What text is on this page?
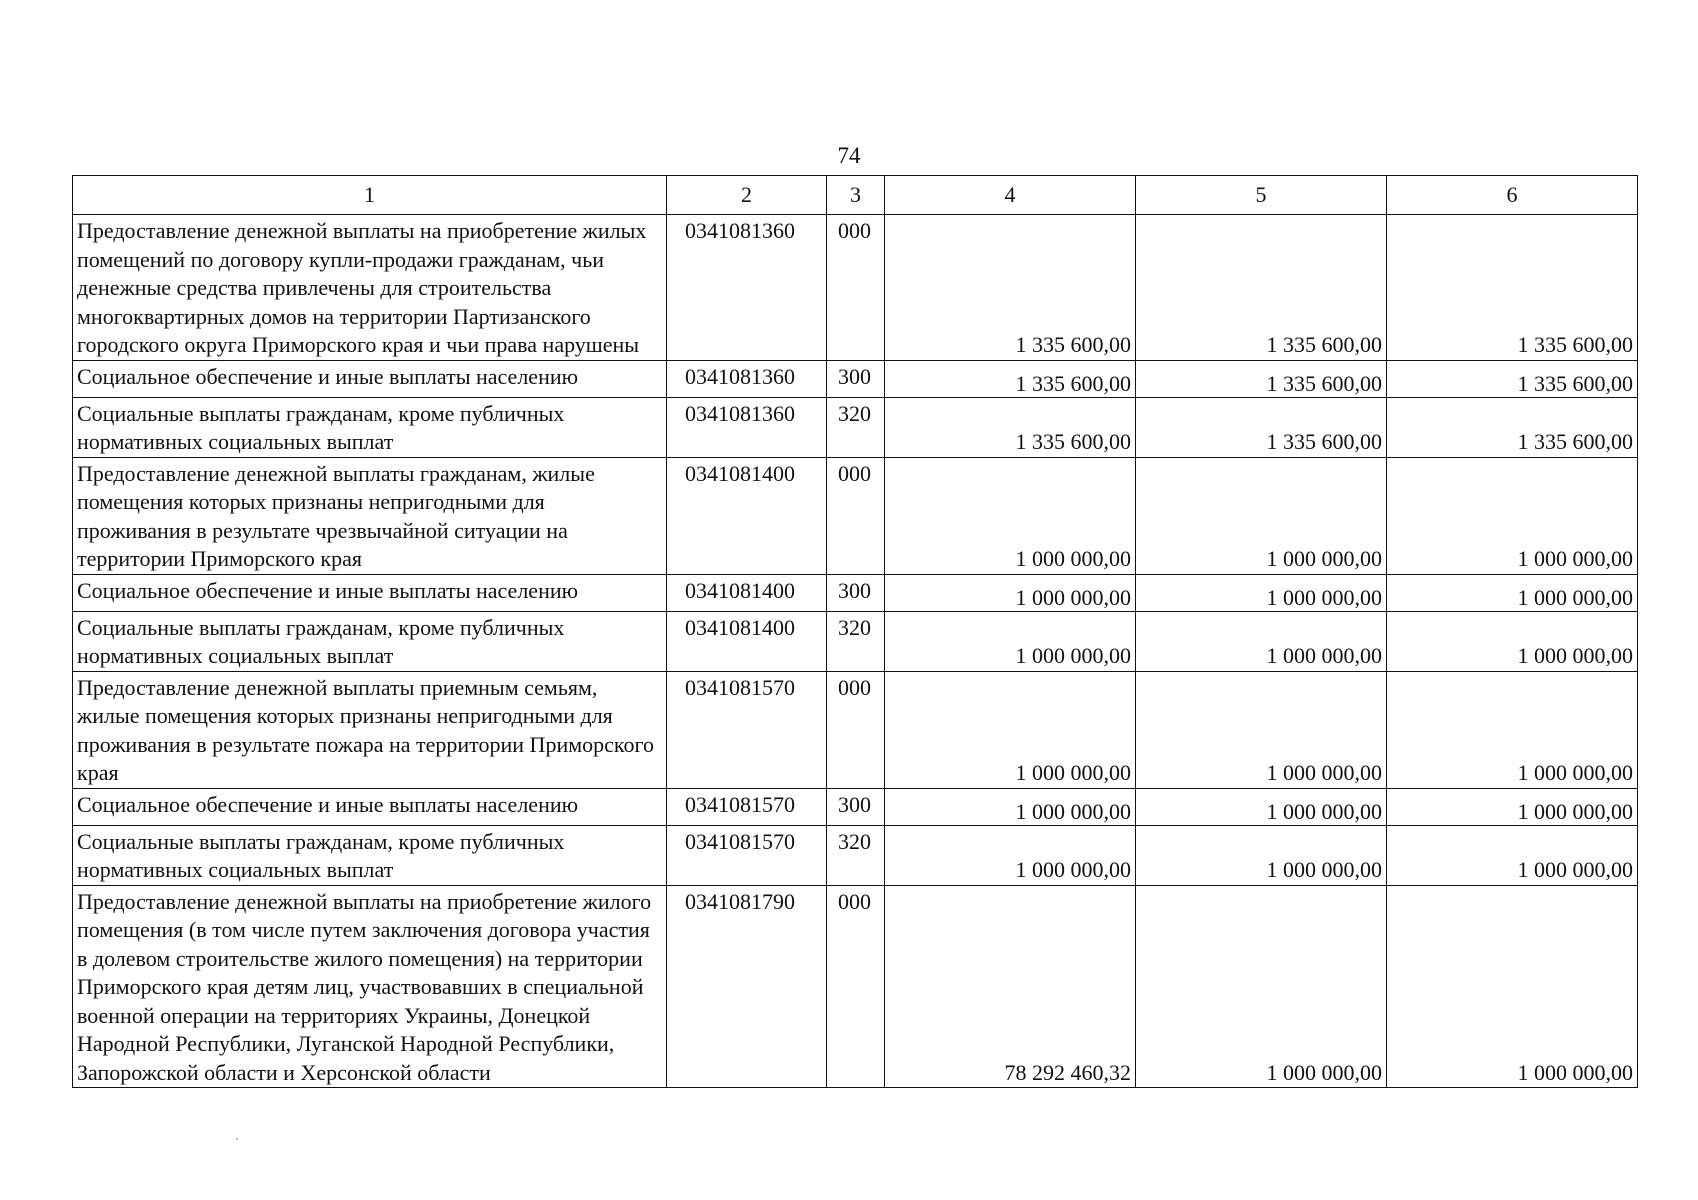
74
1	2	3	4	5	6
Предоставление денежной выплаты на приобретение жилых помещений по договору купли-продажи гражданам, чьи денежные средства привлечены для строительства многоквартирных домов на территории Партизанского городского округа Приморского края и чьи права нарушены	0341081360	000	1 335 600,00	1 335 600,00	1 335 600,00
Социальное обеспечение и иные выплаты населению	0341081360	300	1 335 600,00	1 335 600,00	1 335 600,00
Социальные выплаты гражданам, кроме публичных нормативных социальных выплат	0341081360	320	1 335 600,00	1 335 600,00	1 335 600,00
Предоставление денежной выплаты гражданам, жилые помещения которых признаны непригодными для проживания в результате чрезвычайной ситуации на территории Приморского края	0341081400	000	1 000 000,00	1 000 000,00	1 000 000,00
Социальное обеспечение и иные выплаты населению	0341081400	300	1 000 000,00	1 000 000,00	1 000 000,00
Социальные выплаты гражданам, кроме публичных нормативных социальных выплат	0341081400	320	1 000 000,00	1 000 000,00	1 000 000,00
Предоставление денежной выплаты приемным семьям, жилые помещения которых признаны непригодными для проживания в результате пожара на территории Приморского края	0341081570	000	1 000 000,00	1 000 000,00	1 000 000,00
Социальное обеспечение и иные выплаты населению	0341081570	300	1 000 000,00	1 000 000,00	1 000 000,00
Социальные выплаты гражданам, кроме публичных нормативных социальных выплат	0341081570	320	1 000 000,00	1 000 000,00	1 000 000,00
Предоставление денежной выплаты на приобретение жилого помещения (в том числе путем заключения договора участия в долевом строительстве жилого помещения) на территории Приморского края детям лиц, участвовавших в специальной военной операции на территориях Украины, Донецкой Народной Республики, Луганской Народной Республики, Запорожской области и Херсонской области	0341081790	000	78 292 460,32	1 000 000,00	1 000 000,00
